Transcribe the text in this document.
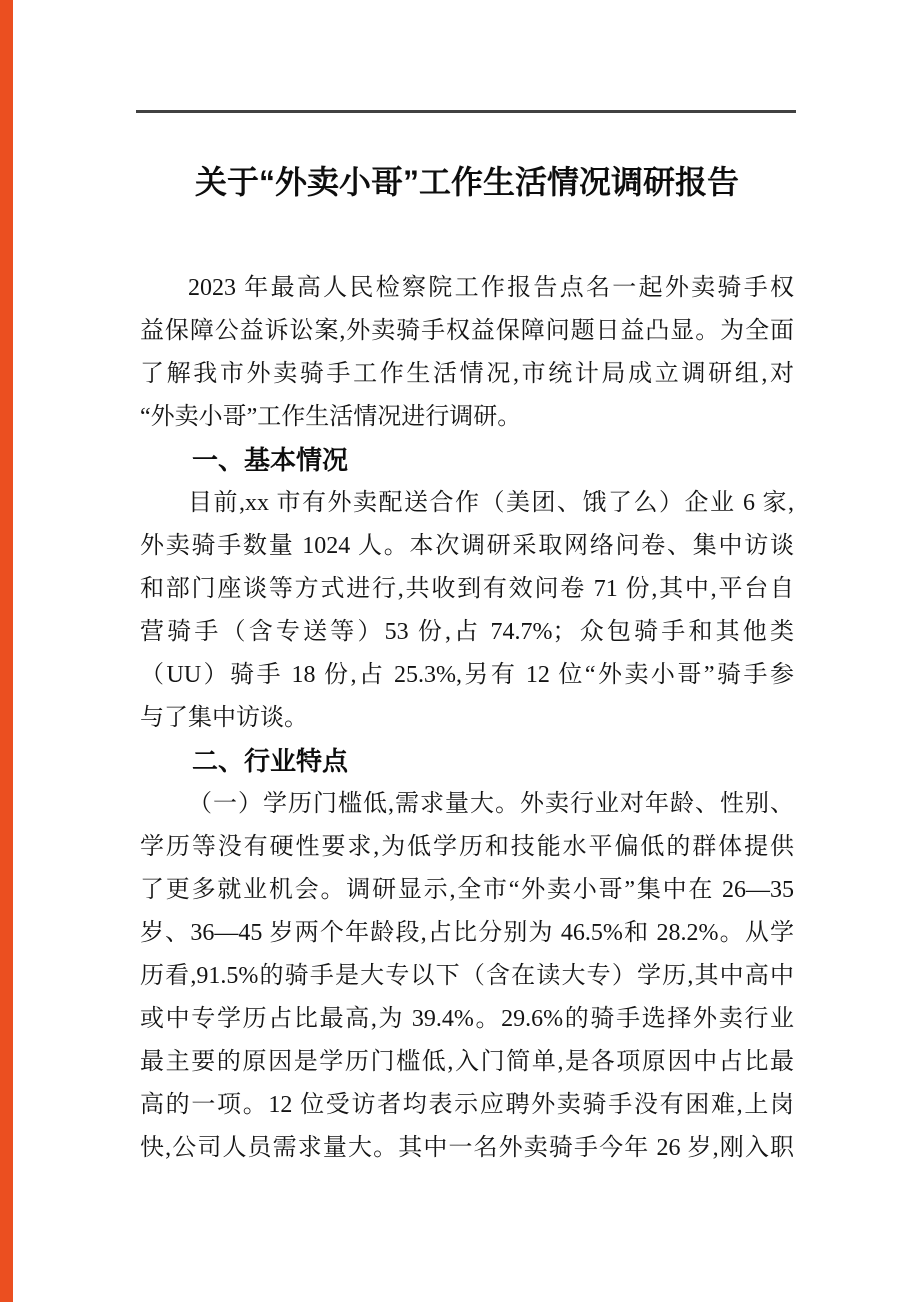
关于“外卖小哥”工作生活情况调研报告
2023 年最高人民检察院工作报告点名一起外卖骑手权
益保障公益诉讼案,外卖骑手权益保障问题日益凸显。为全面
了解我市外卖骑手工作生活情况,市统计局成立调研组,对
“外卖小哥”工作生活情况进行调研。
一、基本情况
目前,xx 市有外卖配送合作（美团、饿了么）企业 6 家,
外卖骑手数量 1024 人。本次调研采取网络问卷、集中访谈
和部门座谈等方式进行,共收到有效问卷 71 份,其中,平台自
营骑手（含专送等）53 份,占 74.7%；众包骑手和其他类
（UU）骑手 18 份,占 25.3%,另有 12 位“外卖小哥”骑手参
与了集中访谈。
二、行业特点
（一）学历门槛低,需求量大。外卖行业对年龄、性别、
学历等没有硬性要求,为低学历和技能水平偏低的群体提供
了更多就业机会。调研显示,全市“外卖小哥”集中在 26—35
岁、36—45 岁两个年龄段,占比分别为 46.5%和 28.2%。从学
历看,91.5%的骑手是大专以下（含在读大专）学历,其中高中
或中专学历占比最高,为 39.4%。29.6%的骑手选择外卖行业
最主要的原因是学历门槛低,入门简单,是各项原因中占比最
高的一项。12 位受访者均表示应聘外卖骑手没有困难,上岗
快,公司人员需求量大。其中一名外卖骑手今年 26 岁,刚入职
